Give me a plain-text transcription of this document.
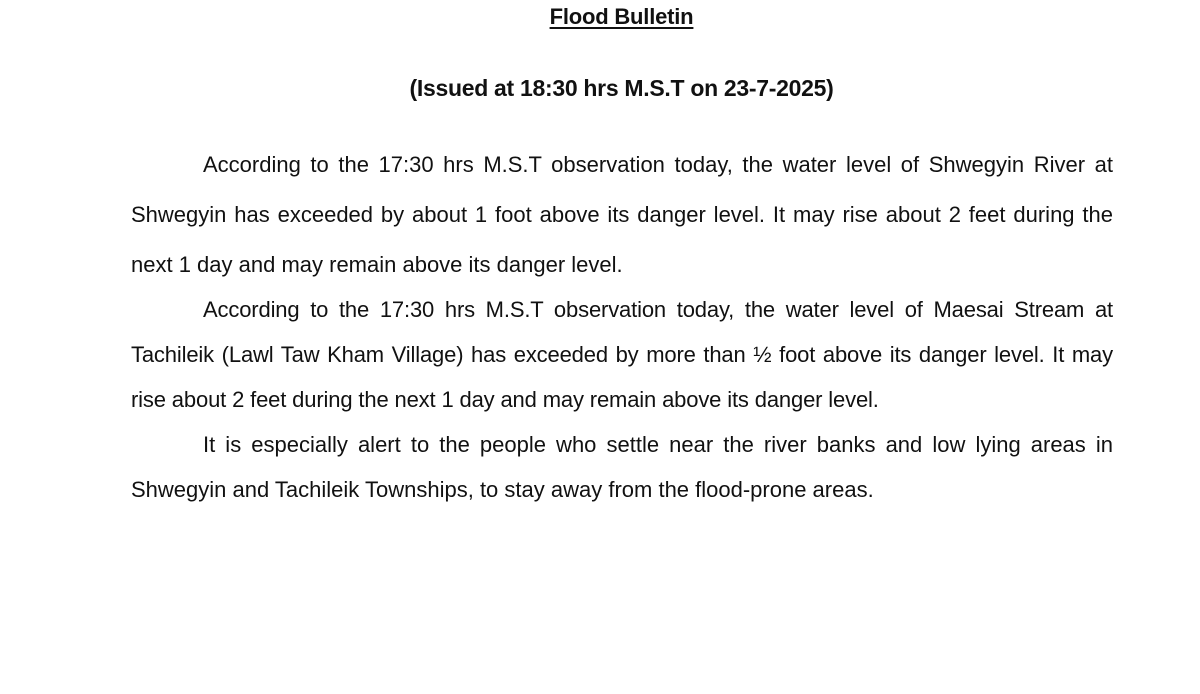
Flood Bulletin
(Issued at 18:30 hrs M.S.T on 23-7-2025)

According to the 17:30 hrs M.S.T observation today, the water level of Shwegyin River at Shwegyin has exceeded by about 1 foot above its danger level. It may rise about 2 feet during the next 1 day and may remain above its danger level.

According to the 17:30 hrs M.S.T observation today, the water level of Maesai Stream at Tachileik (Lawl Taw Kham Village) has exceeded by more than ½ foot above its danger level. It may rise about 2 feet during the next 1 day and may remain above its danger level.

It is especially alert to the people who settle near the river banks and low lying areas in Shwegyin and Tachileik Townships, to stay away from the flood-prone areas.
